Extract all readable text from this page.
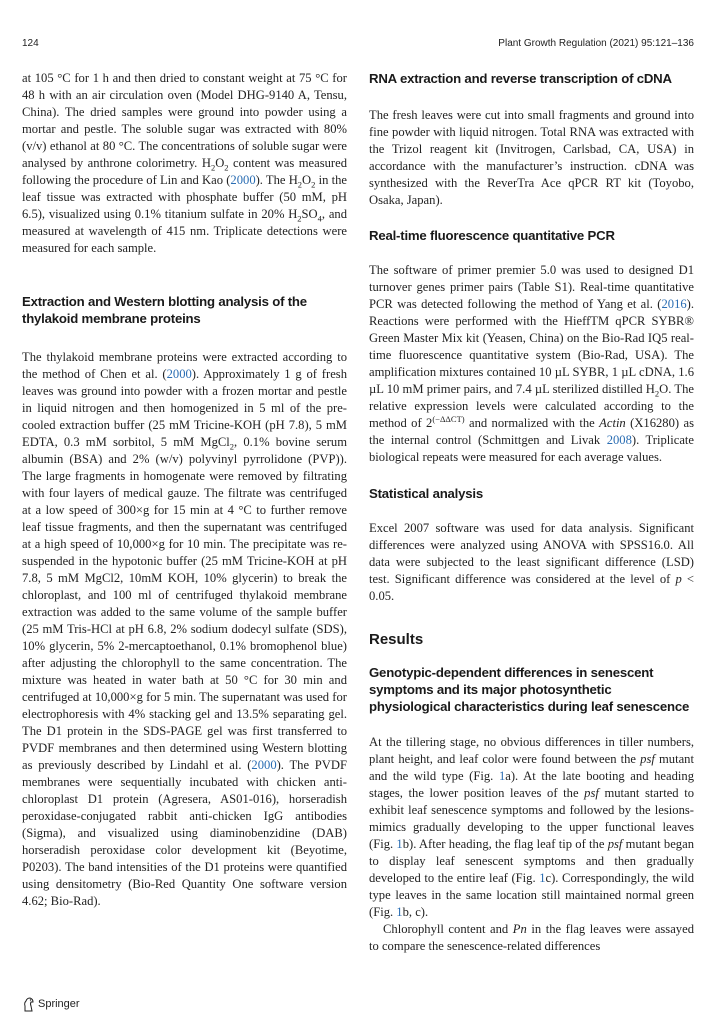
124	Plant Growth Regulation (2021) 95:121–136

at 105 °C for 1 h and then dried to constant weight at 75 °C for 48 h with an air circulation oven (Model DHG-9140 A, Tensu, China). The dried samples were ground into powder using a mortar and pestle. The soluble sugar was extracted with 80% (v/v) ethanol at 80 °C. The concentrations of soluble sugar were analysed by anthrone colorimetry. $H_2O_2$ content was measured following the procedure of Lin and Kao (2000). The $H_2O_2$ in the leaf tissue was extracted with phosphate buffer (50 mM, pH 6.5), visualized using 0.1% titanium sulfate in 20% $H_2SO_4$, and measured at wavelength of 415 nm. Triplicate detections were measured for each sample.

Extraction and Western blotting analysis of the thylakoid membrane proteins

The thylakoid membrane proteins were extracted according to the method of Chen et al. (2000). Approximately 1 g of fresh leaves was ground into powder with a frozen mortar and pestle in liquid nitrogen and then homogenized in 5 ml of the pre-cooled extraction buffer (25 mM Tricine-KOH (pH 7.8), 5 mM EDTA, 0.3 mM sorbitol, 5 mM MgCl$_2$, 0.1% bovine serum albumin (BSA) and 2% (w/v) polyvinyl pyrrolidone (PVP)). The large fragments in homogenate were removed by filtrating with four layers of medical gauze. The filtrate was centrifuged at a low speed of 300×g for 15 min at 4 °C to further remove leaf tissue fragments, and then the supernatant was centrifuged at a high speed of 10,000×g for 10 min. The precipitate was re-suspended in the hypotonic buffer (25 mM Tricine-KOH at pH 7.8, 5 mM MgCl2, 10mM KOH, 10% glycerin) to break the chloroplast, and 100 ml of centrifuged thylakoid membrane extraction was added to the same volume of the sample buffer (25 mM Tris-HCl at pH 6.8, 2% sodium dodecyl sulfate (SDS), 10% glycerin, 5% 2-mercaptoethanol, 0.1% bromophenol blue) after adjusting the chlorophyll to the same concentration. The mixture was heated in water bath at 50 °C for 30 min and centrifuged at 10,000×g for 5 min. The supernatant was used for electrophoresis with 4% stacking gel and 13.5% separating gel. The D1 protein in the SDS-PAGE gel was first transferred to PVDF membranes and then determined using Western blotting as previously described by Lindahl et al. (2000). The PVDF membranes were sequentially incubated with chicken anti-chloroplast D1 protein (Agresera, AS01-016), horseradish peroxidase-conjugated rabbit anti-chicken IgG antibodies (Sigma), and visualized using diaminobenzidine (DAB) horseradish peroxidase color development kit (Beyotime, P0203). The band intensities of the D1 proteins were quantified using densitometry (Bio-Red Quantity One software version 4.62; Bio-Rad).

RNA extraction and reverse transcription of cDNA

The fresh leaves were cut into small fragments and ground into fine powder with liquid nitrogen. Total RNA was extracted with the Trizol reagent kit (Invitrogen, Carlsbad, CA, USA) in accordance with the manufacturer’s instruction. cDNA was synthesized with the ReverTra Ace qPCR RT kit (Toyobo, Osaka, Japan).

Real-time fluorescence quantitative PCR

The software of primer premier 5.0 was used to designed D1 turnover genes primer pairs (Table S1). Real-time quantitative PCR was detected following the method of Yang et al. (2016). Reactions were performed with the HieffTM qPCR SYBR® Green Master Mix kit (Yeasen, China) on the Bio-Rad IQ5 real-time fluorescence quantitative system (Bio-Rad, USA). The amplification mixtures contained 10 µL SYBR, 1 µL cDNA, 1.6 µL 10 mM primer pairs, and 7.4 µL sterilized distilled $H_2O$. The relative expression levels were calculated according to the method of $2^{(-\Delta\Delta CT)}$ and normalized with the Actin (X16280) as the internal control (Schmittgen and Livak 2008). Triplicate biological repeats were measured for each average values.

Statistical analysis

Excel 2007 software was used for data analysis. Significant differences were analyzed using ANOVA with SPSS16.0. All data were subjected to the least significant difference (LSD) test. Significant difference was considered at the level of p < 0.05.

Results
Genotypic-dependent differences in senescent symptoms and its major photosynthetic physiological characteristics during leaf senescence

At the tillering stage, no obvious differences in tiller numbers, plant height, and leaf color were found between the psf mutant and the wild type (Fig. 1a). At the late booting and heading stages, the lower position leaves of the psf mutant started to exhibit leaf senescence symptoms and followed by the lesions-mimics gradually developing to the upper functional leaves (Fig. 1b). After heading, the flag leaf tip of the psf mutant began to display leaf senescent symptoms and then gradually developed to the entire leaf (Fig. 1c). Correspondingly, the wild type leaves in the same location still maintained normal green (Fig. 1b, c).

Chlorophyll content and Pn in the flag leaves were assayed to compare the senescence-related differences

Springer
